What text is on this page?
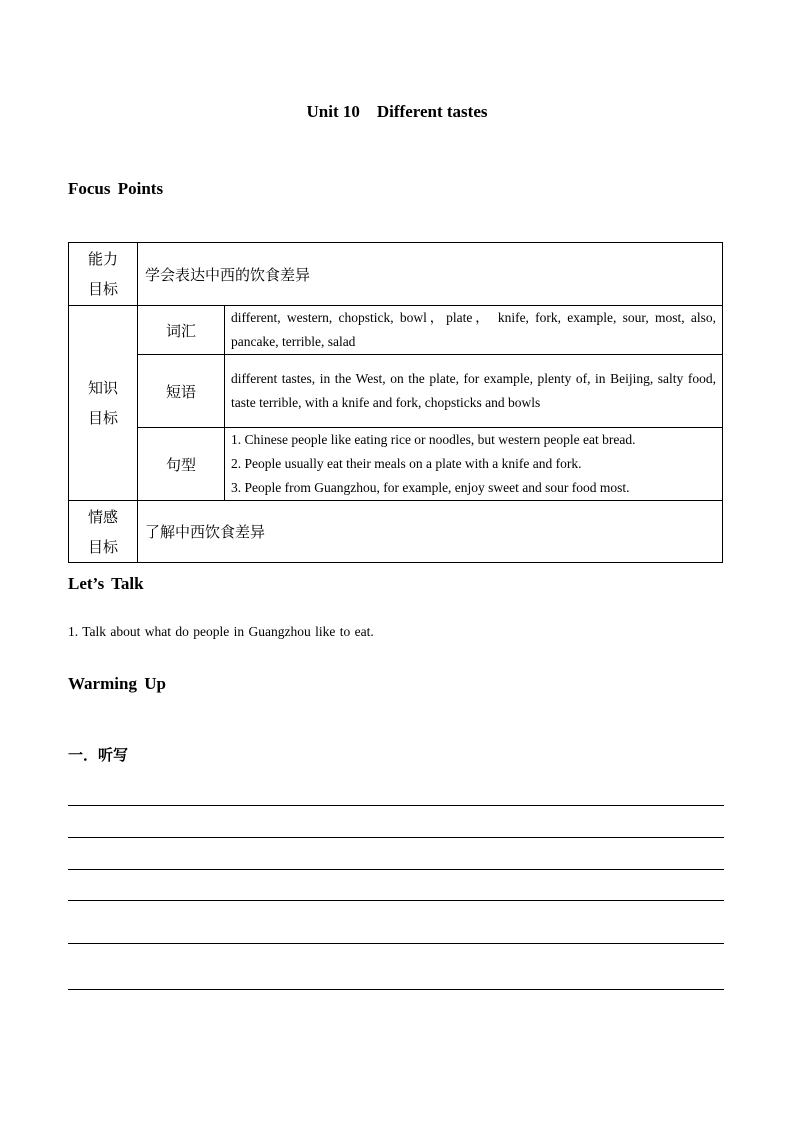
Unit 10    Different tastes
Focus Points
能力
目标	学会表达中西的饮食差异	

知识
目标	词汇	different, western, chopstick, bowl，plate， knife, fork, example, sour, most, also, pancake, terrible, salad
	短语	different tastes, in the West, on the plate, for example, plenty of, in Beijing, salty food, taste terrible, with a knife and fork, chopsticks and bowls
	句型	1. Chinese people like eating rice or noodles, but western people eat bread.
2. People usually eat their meals on a plate with a knife and fork.
3. People from Guangzhou, for example, enjoy sweet and sour food most.

情感
目标	了解中西饮食差异	
Let’s Talk
1. Talk about what do people in Guangzhou like to eat.
Warming Up
一．听写
